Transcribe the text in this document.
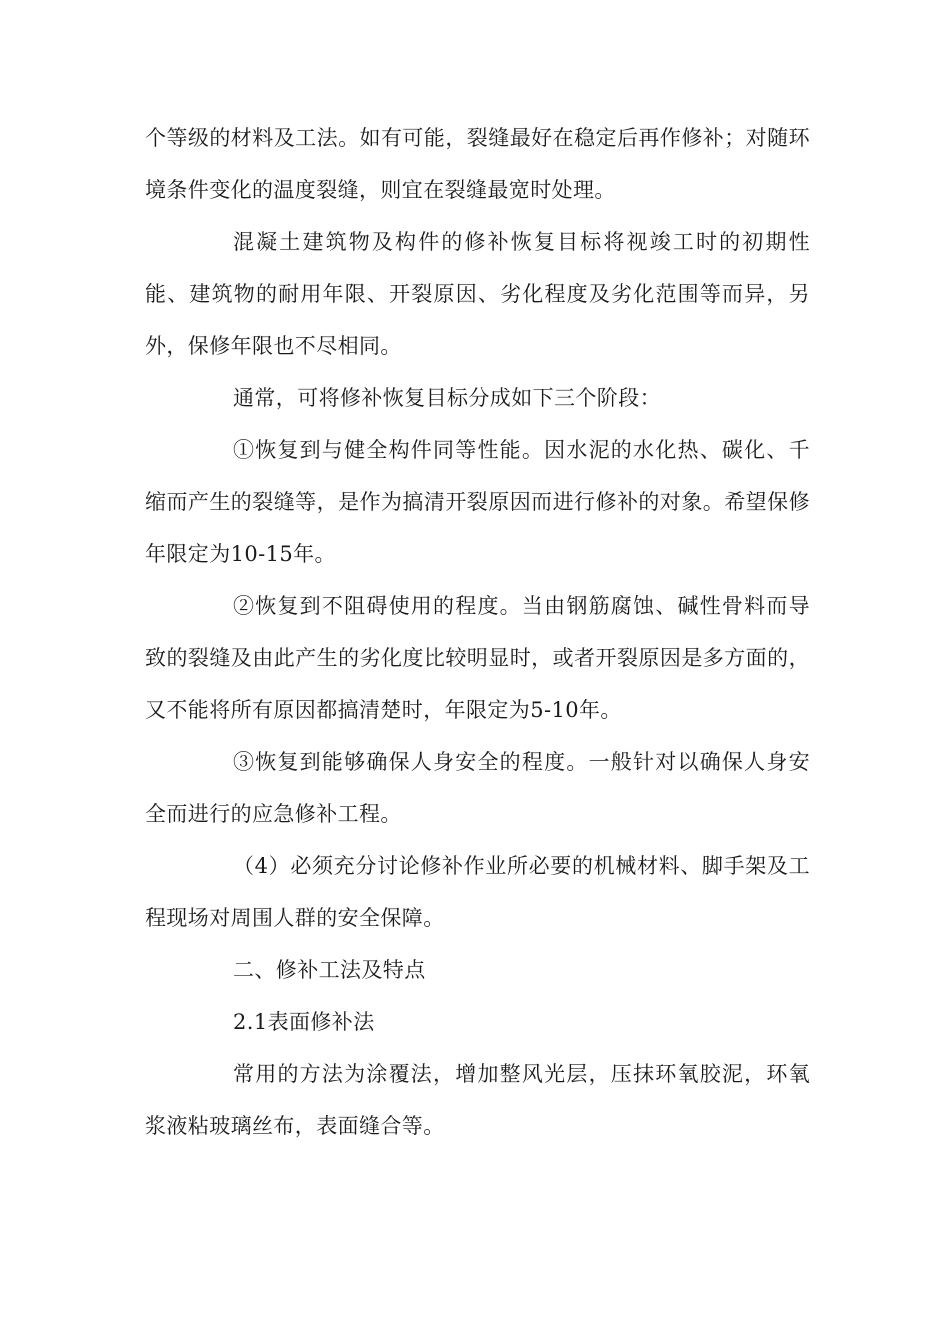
个等级的材料及工法。如有可能，裂缝最好在稳定后再作修补；对随环境条件变化的温度裂缝，则宜在裂缝最宽时处理。

混凝土建筑物及构件的修补恢复目标将视竣工时的初期性能、建筑物的耐用年限、开裂原因、劣化程度及劣化范围等而异，另外，保修年限也不尽相同。

通常，可将修补恢复目标分成如下三个阶段：

①恢复到与健全构件同等性能。因水泥的水化热、碳化、千缩而产生的裂缝等，是作为搞清开裂原因而进行修补的对象。希望保修年限定为10-15年。

②恢复到不阻碍使用的程度。当由钢筋腐蚀、碱性骨料而导致的裂缝及由此产生的劣化度比较明显时，或者开裂原因是多方面的，又不能将所有原因都搞清楚时，年限定为5-10年。

③恢复到能够确保人身安全的程度。一般针对以确保人身安全而进行的应急修补工程。

（4）必须充分讨论修补作业所必要的机械材料、脚手架及工程现场对周围人群的安全保障。

二、修补工法及特点

2.1表面修补法

常用的方法为涂覆法，增加整风光层，压抹环氧胶泥，环氧浆液粘玻璃丝布，表面缝合等。
